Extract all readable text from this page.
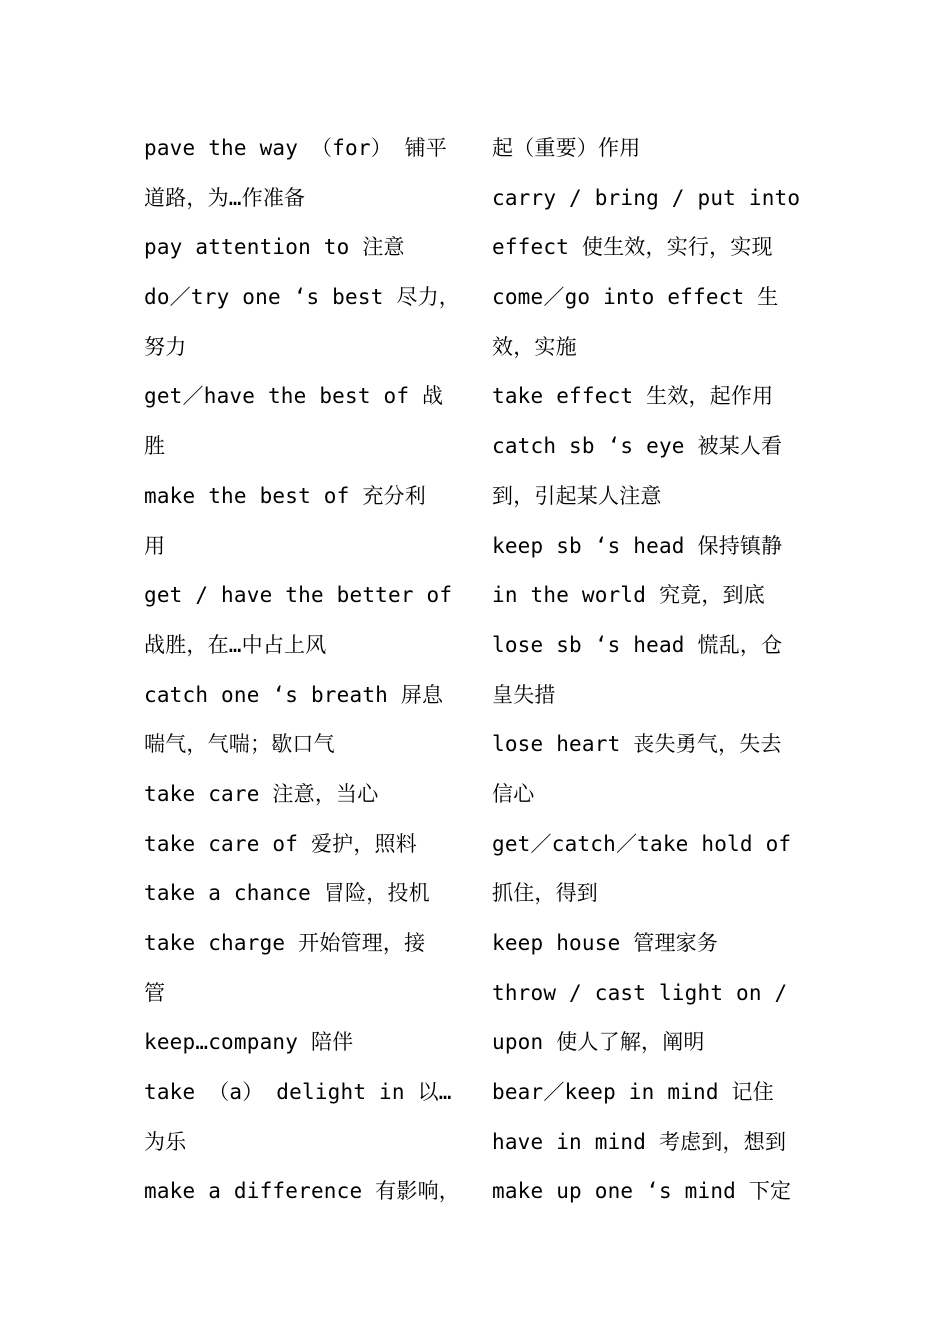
pave the way （for） 铺平
道路，为…作准备
pay attention to 注意
do／try one ‘s best 尽力，
努力
get／have the best of 战
胜
make the best of 充分利
用
get / have the better of
战胜，在…中占上风
catch one ‘s breath 屏息
喘气，气喘；歇口气
take care 注意，当心
take care of 爱护，照料
take a chance 冒险，投机
take charge 开始管理，接
管
keep…company 陪伴
take （a） delight in 以…
为乐
make a difference 有影响，
起（重要）作用
carry / bring / put into
effect 使生效，实行，实现
come／go into effect 生
效，实施
take effect 生效，起作用
catch sb ‘s eye 被某人看
到，引起某人注意
keep sb ‘s head 保持镇静
in the world 究竟，到底
lose sb ‘s head 慌乱，仓
皇失措
lose heart 丧失勇气，失去
信心
get／catch／take hold of
抓住，得到
keep house 管理家务
throw / cast light on /
upon 使人了解，阐明
bear／keep in mind 记住
have in mind 考虑到，想到
make up one ‘s mind 下定
